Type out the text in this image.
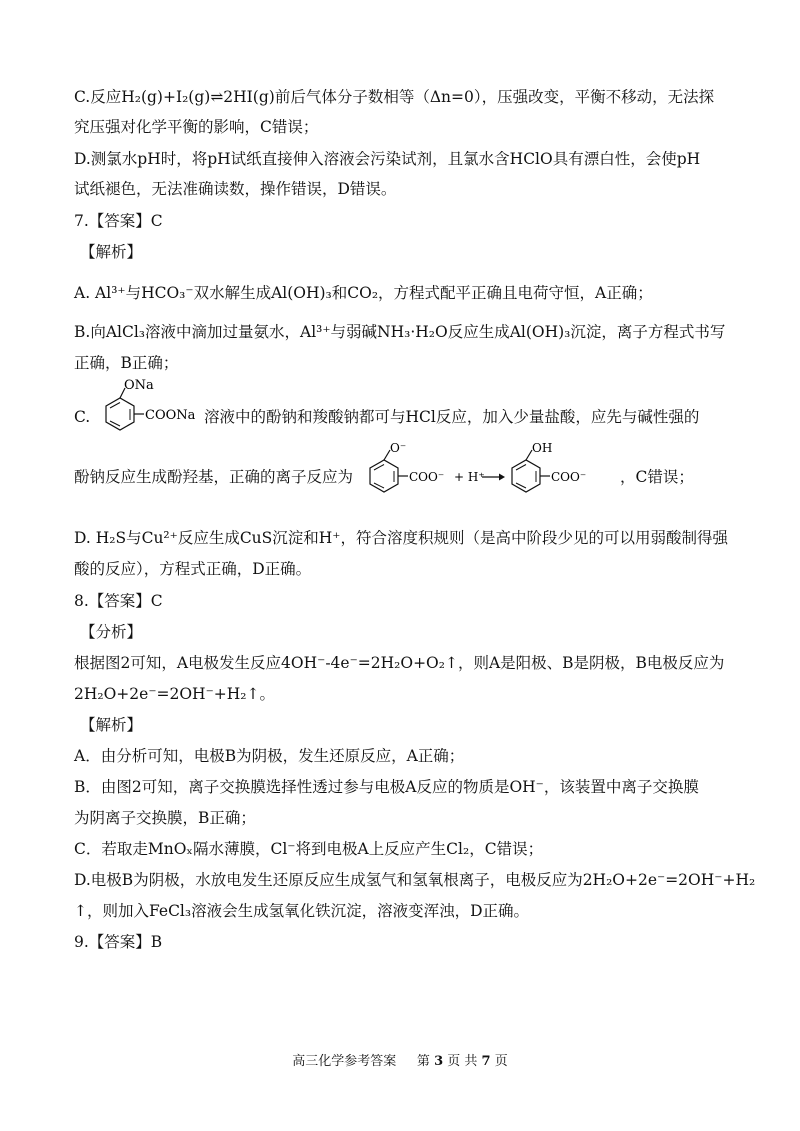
C.反应H₂(g)+I₂(g)⇌2HI(g)前后气体分子数相等（Δn=0），压强改变，平衡不移动，无法探
究压强对化学平衡的影响，C错误；
D.测氯水pH时，将pH试纸直接伸入溶液会污染试剂，且氯水含HClO具有漂白性，会使pH
试纸褪色，无法准确读数，操作错误，D错误。
7.【答案】C
【解析】
A. Al³⁺与HCO₃⁻双水解生成Al(OH)₃和CO₂，方程式配平正确且电荷守恒，A正确；
B.向AlCl₃溶液中滴加过量氨水，Al³⁺与弱碱NH₃·H₂O反应生成Al(OH)₃沉淀，离子方程式书写
正确，B正确；
C.
ONa
COONa 溶液中的酚钠和羧酸钠都可与HCl反应，加入少量盐酸，应先与碱性强的
酚钠反应生成酚羟基，正确的离子反应为
O⁻
COO⁻ + H⁺
OH
COO⁻ ，C错误；
D. H₂S与Cu²⁺反应生成CuS沉淀和H⁺，符合溶度积规则（是高中阶段少见的可以用弱酸制得强
酸的反应），方程式正确，D正确。
8.【答案】C
【分析】
根据图2可知，A电极发生反应4OH⁻-4e⁻=2H₂O+O₂↑，则A是阳极、B是阴极，B电极反应为
2H₂O+2e⁻=2OH⁻+H₂↑。
【解析】
A．由分析可知，电极B为阴极，发生还原反应，A正确；
B．由图2可知，离子交换膜选择性透过参与电极A反应的物质是OH⁻，该装置中离子交换膜
为阴离子交换膜，B正确；
C．若取走MnOₓ隔水薄膜，Cl⁻将到电极A上反应产生Cl₂，C错误；
D.电极B为阴极，水放电发生还原反应生成氢气和氢氧根离子，电极反应为2H₂O+2e⁻=2OH⁻+H₂
↑，则加入FeCl₃溶液会生成氢氧化铁沉淀，溶液变浑浊，D正确。
9.【答案】B
高三化学参考答案 第 3 页 共 7 页
